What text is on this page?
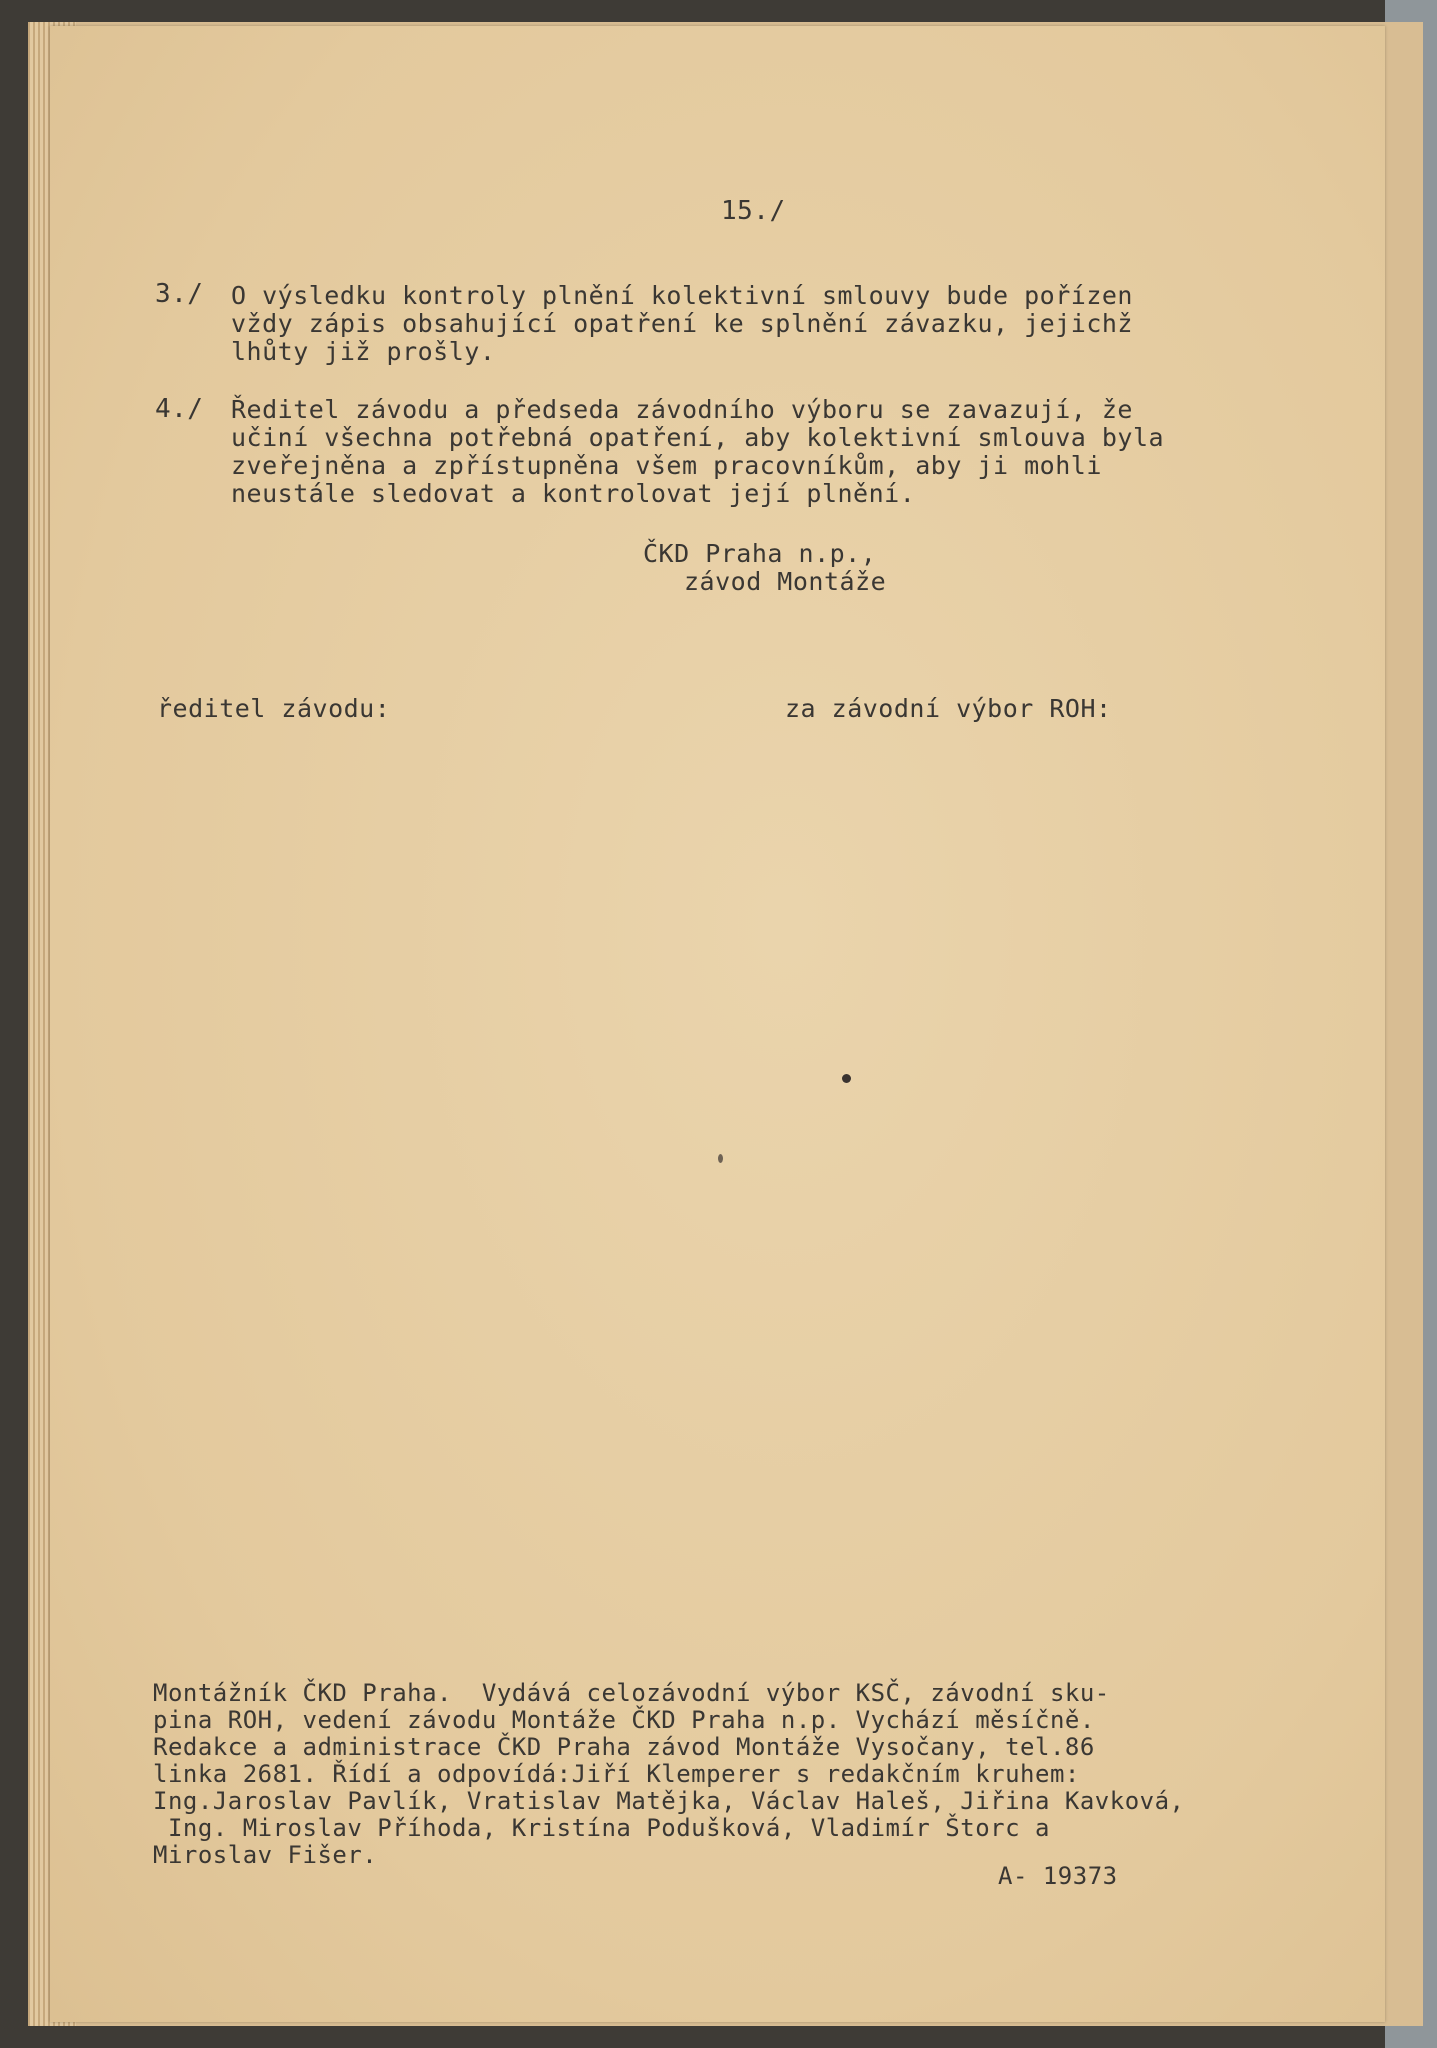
15./
3./ O výsledku kontroly plnění kolektivní smlouvy bude pořízen
vždy zápis obsahující opatření ke splnění závazku, jejichž
lhůty již prošly.
4./ Ředitel závodu a předseda závodního výboru se zavazují, že
učiní všechna potřebná opatření, aby kolektivní smlouva byla
zveřejněna a zpřístupněna všem pracovníkům, aby ji mohli
neustále sledovat a kontrolovat její plnění.
ČKD Praha n.p.,
závod Montáže
ředitel závodu:	za závodní výbor ROH:
Montážník ČKD Praha.  Vydává celozávodní výbor KSČ, závodní sku-
pina ROH, vedení závodu Montáže ČKD Praha n.p. Vychází měsíčně.
Redakce a administrace ČKD Praha závod Montáže Vysočany, tel.86
linka 2681. Řídí a odpovídá:Jiří Klemperer s redakčním kruhem:
Ing.Jaroslav Pavlík, Vratislav Matějka, Václav Haleš, Jiřina Kavková,
Ing. Miroslav Příhoda, Kristína Podušková, Vladimír Štorc a
Miroslav Fišer.
A- 19373
